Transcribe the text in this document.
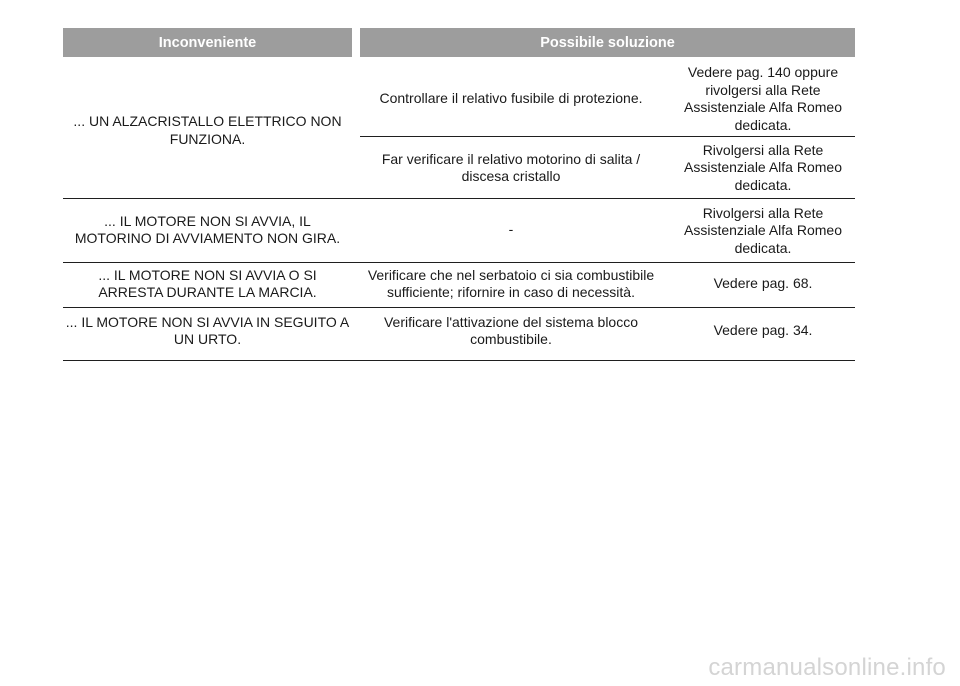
Inconveniente	Possibile soluzione
... UN ALZACRISTALLO ELETTRICO NON FUNZIONA.
Controllare il relativo fusibile di protezione.
Vedere pag. 140 oppure rivolgersi alla Rete Assistenziale Alfa Romeo dedicata.
Far verificare il relativo motorino di salita / discesa cristallo
Rivolgersi alla Rete Assistenziale Alfa Romeo dedicata.
... IL MOTORE NON SI AVVIA, IL MOTORINO DI AVVIAMENTO NON GIRA.
-
Rivolgersi alla Rete Assistenziale Alfa Romeo dedicata.
... IL MOTORE NON SI AVVIA O SI ARRESTA DURANTE LA MARCIA.
Verificare che nel serbatoio ci sia combustibile sufficiente; rifornire in caso di necessità.
Vedere pag. 68.
... IL MOTORE NON SI AVVIA IN SEGUITO A UN URTO.
Verificare l'attivazione del sistema blocco combustibile.
Vedere pag. 34.
carmanualsonline.info
